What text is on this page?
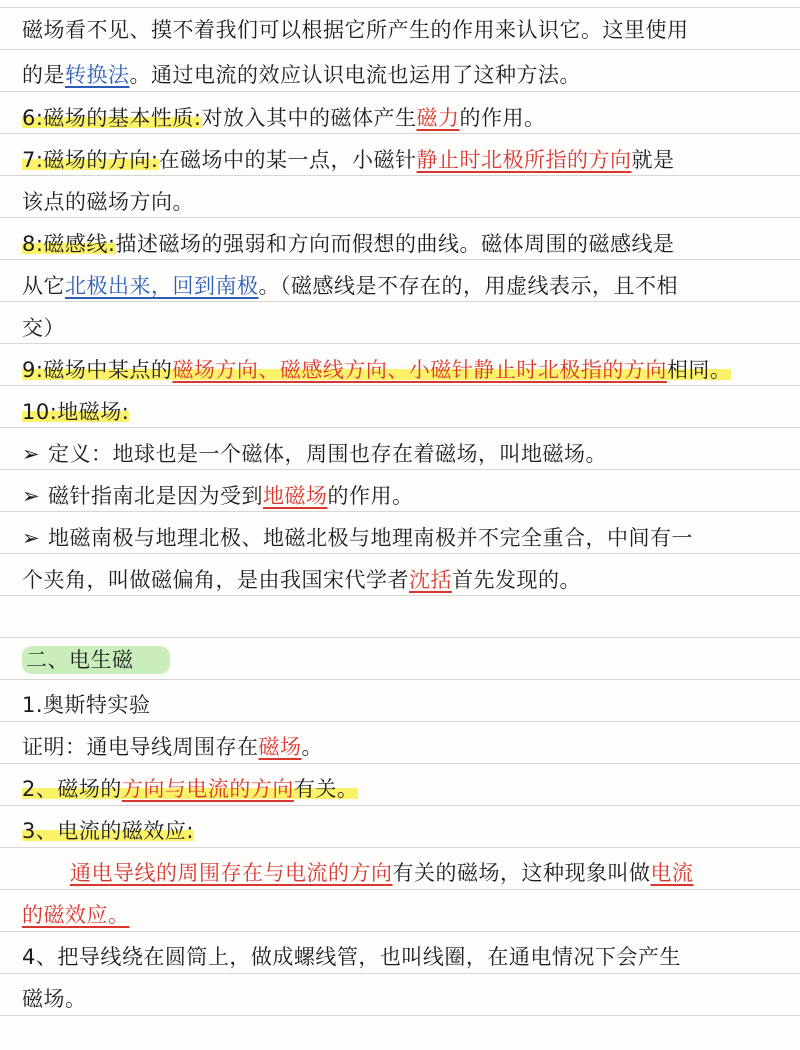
磁场看不见、摸不着我们可以根据它所产生的作用来认识它。这里使用
的是转换法。通过电流的效应认识电流也运用了这种方法。
6:磁场的基本性质:对放入其中的磁体产生磁力的作用。
7:磁场的方向:在磁场中的某一点，小磁针静止时北极所指的方向就是
该点的磁场方向。
8:磁感线:描述磁场的强弱和方向而假想的曲线。磁体周围的磁感线是
从它北极出来，回到南极。（磁感线是不存在的，用虚线表示，且不相
交）
9:磁场中某点的磁场方向、磁感线方向、小磁针静止时北极指的方向相同。
10:地磁场:
➢ 定义：地球也是一个磁体，周围也存在着磁场，叫地磁场。
➢ 磁针指南北是因为受到地磁场的作用。
➢ 地磁南极与地理北极、地磁北极与地理南极并不完全重合，中间有一
个夹角，叫做磁偏角，是由我国宋代学者沈括首先发现的。
二、电生磁
1.奥斯特实验
证明：通电导线周围存在磁场。
2、磁场的方向与电流的方向有关。
3、电流的磁效应:
通电导线的周围存在与电流的方向有关的磁场，这种现象叫做电流
的磁效应。
4、把导线绕在圆筒上，做成螺线管，也叫线圈，在通电情况下会产生
磁场。
